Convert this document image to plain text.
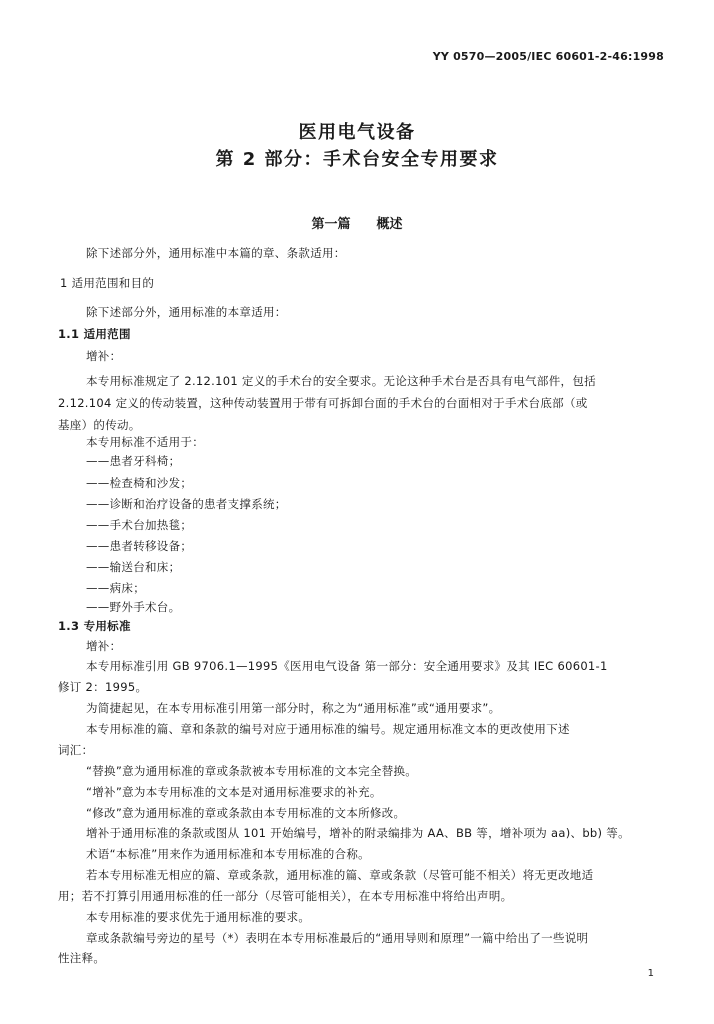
YY 0570—2005/IEC 60601-2-46:1998
医用电气设备
第 2 部分：手术台安全专用要求
第一篇 概述
除下述部分外，通用标准中本篇的章、条款适用：
1 适用范围和目的
除下述部分外，通用标准的本章适用：
1.1 适用范围
增补：
本专用标准规定了 2.12.101 定义的手术台的安全要求。无论这种手术台是否具有电气部件，包括
2.12.104 定义的传动装置，这种传动装置用于带有可拆卸台面的手术台的台面相对于手术台底部（或
基座）的传动。
本专用标准不适用于：
——患者牙科椅；
——检查椅和沙发；
——诊断和治疗设备的患者支撑系统；
——手术台加热毯；
——患者转移设备；
——输送台和床；
——病床；
——野外手术台。
1.3 专用标准
增补：
本专用标准引用 GB 9706.1—1995《医用电气设备 第一部分：安全通用要求》及其 IEC 60601-1
修订 2：1995。
为简捷起见，在本专用标准引用第一部分时，称之为“通用标准”或“通用要求”。
本专用标准的篇、章和条款的编号对应于通用标准的编号。规定通用标准文本的更改使用下述
词汇：
“替换”意为通用标准的章或条款被本专用标准的文本完全替换。
“增补”意为本专用标准的文本是对通用标准要求的补充。
“修改”意为通用标准的章或条款由本专用标准的文本所修改。
增补于通用标准的条款或图从 101 开始编号，增补的附录编排为 AA、BB 等，增补项为 aa)、bb) 等。
术语“本标准”用来作为通用标准和本专用标准的合称。
若本专用标准无相应的篇、章或条款，通用标准的篇、章或条款（尽管可能不相关）将无更改地适
用；若不打算引用通用标准的任一部分（尽管可能相关），在本专用标准中将给出声明。
本专用标准的要求优先于通用标准的要求。
章或条款编号旁边的星号（*）表明在本专用标准最后的“通用导则和原理”一篇中给出了一些说明
性注释。
1
